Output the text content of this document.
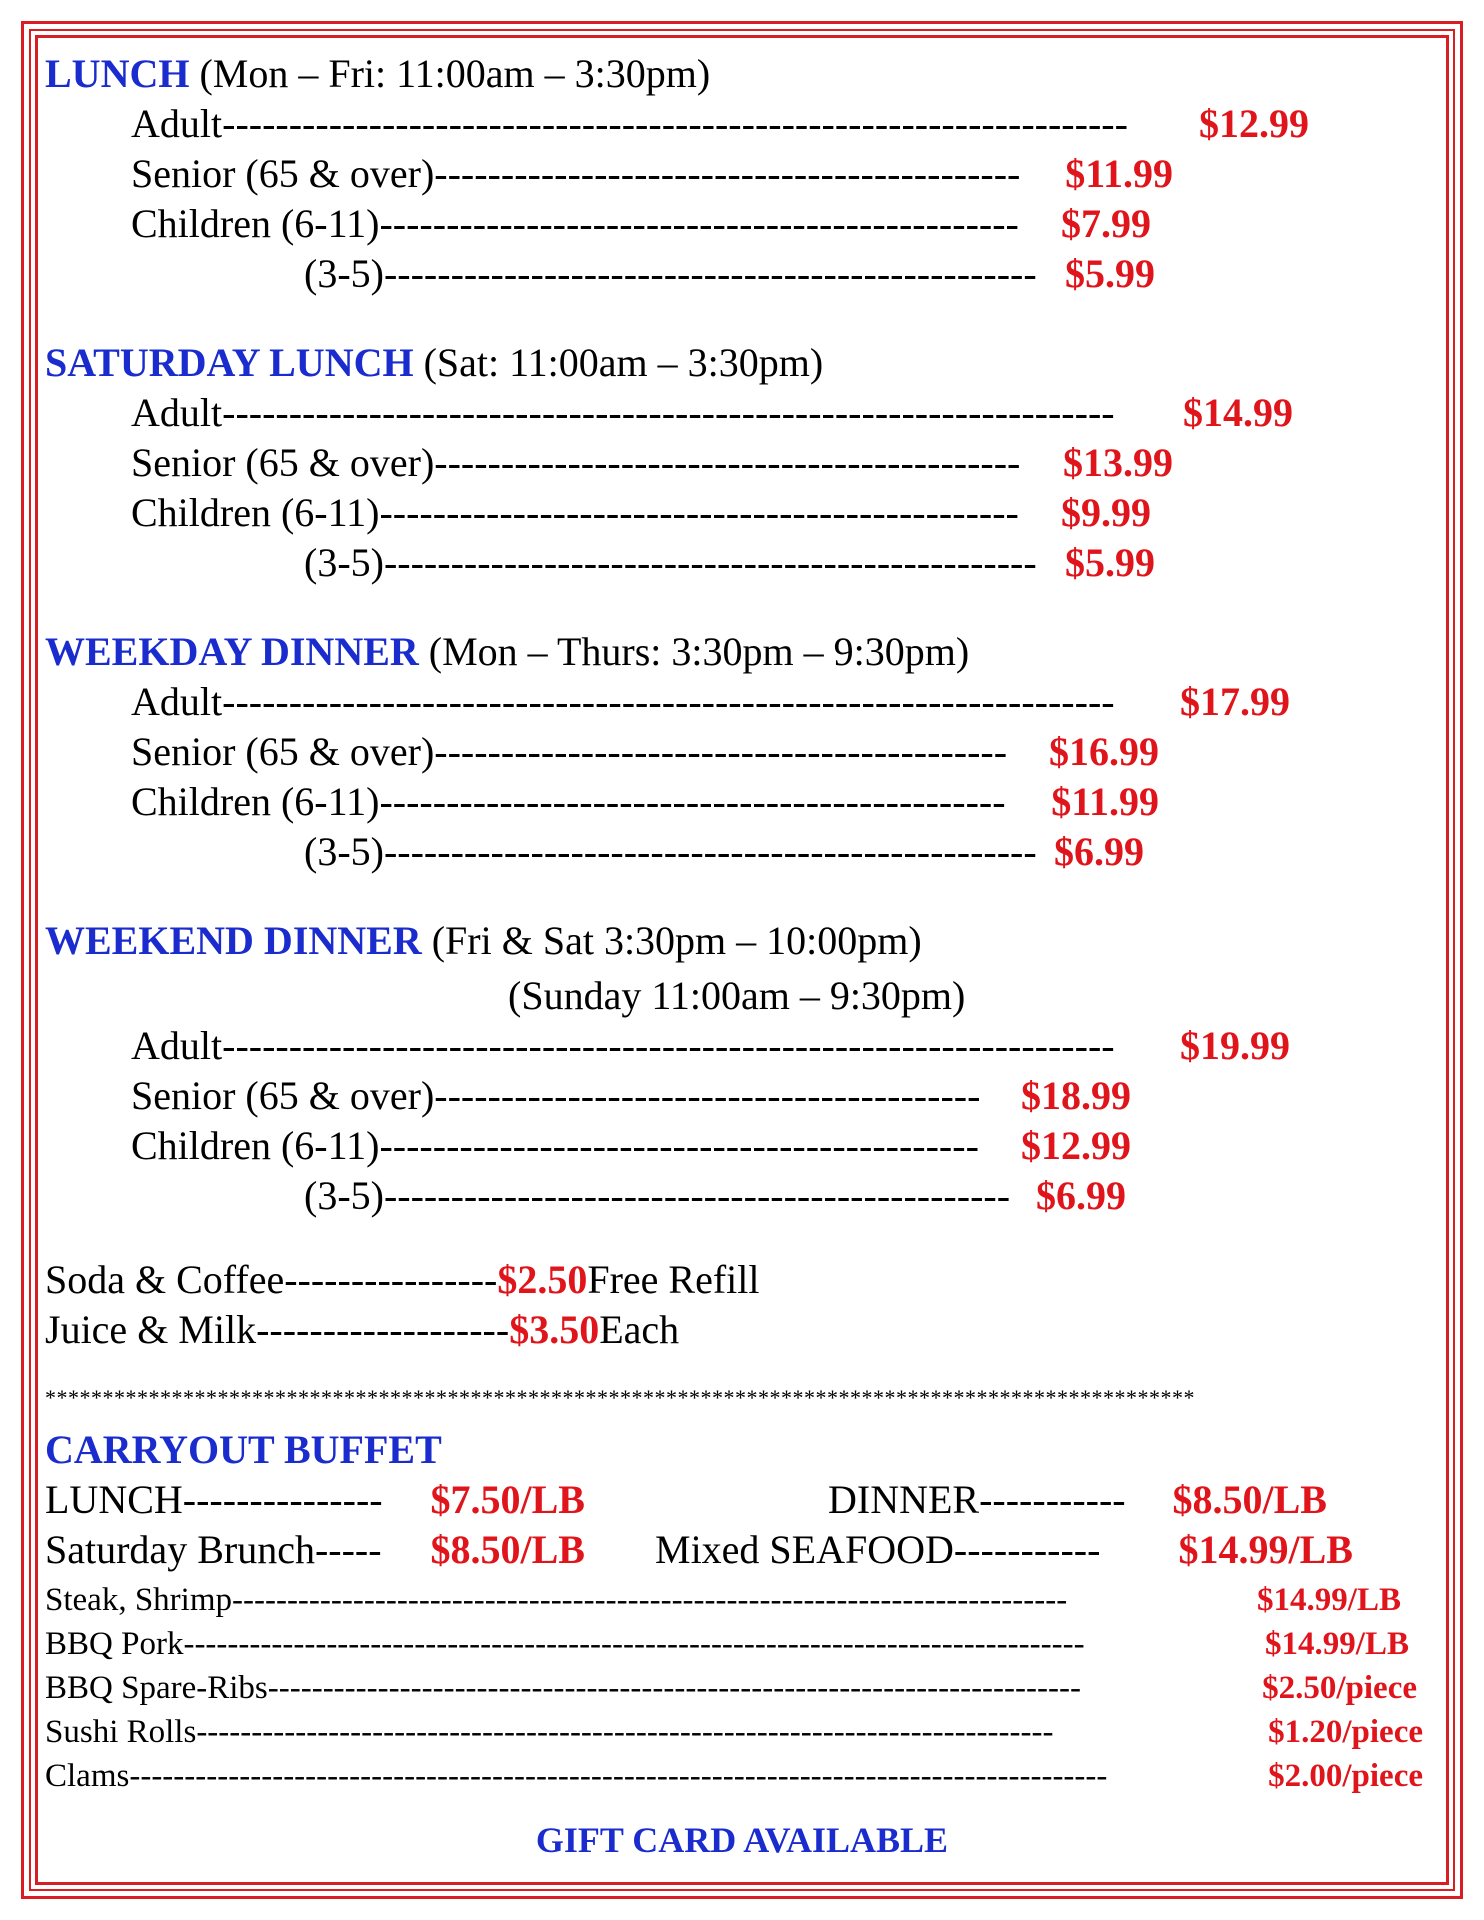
LUNCH (Mon – Fri: 11:00am – 3:30pm)
Adult --------------------------------------------------------------------	$12.99
Senior (65 & over) --------------------------------------------	$11.99
Children (6-11) ------------------------------------------------	$7.99
(3-5) ------------------------------------------------- $5.99
SATURDAY LUNCH (Sat: 11:00am – 3:30pm)
Adult -------------------------------------------------------------------	$14.99
Senior (65 & over) --------------------------------------------	$13.99
Children (6-11) ------------------------------------------------	$9.99
(3-5) ------------------------------------------------- $5.99
WEEKDAY DINNER (Mon – Thurs: 3:30pm – 9:30pm)
Adult -------------------------------------------------------------------	$17.99
Senior (65 & over) -------------------------------------------	$16.99
Children (6-11) -----------------------------------------------	$11.99
(3-5) ------------------------------------------------- $6.99
WEEKEND DINNER (Fri & Sat 3:30pm – 10:00pm)
(Sunday 11:00am – 9:30pm)
Adult -------------------------------------------------------------------	$19.99
Senior (65 & over) -----------------------------------------	$18.99
Children (6-11) ---------------------------------------------	$12.99
(3-5) ----------------------------------------------- $6.99
Soda & Coffee ---------------- $2.50 Free Refill
Juice & Milk ------------------- $3.50 Each
****************************************************************************************************
CARRYOUT BUFFET
LUNCH ---------------	$7.50/LB
Saturday Brunch -----	$8.50/LB
DINNER -----------	$8.50/LB
Mixed SEAFOOD -----------	$14.99/LB
Steak, Shrimp ----------------------------------------------------------------------------	$14.99/LB
BBQ Pork ----------------------------------------------------------------------------------	$14.99/LB
BBQ Spare-Ribs --------------------------------------------------------------------------	$2.50/piece
Sushi Rolls ------------------------------------------------------------------------------	$1.20/piece
Clams -----------------------------------------------------------------------------------------	$2.00/piece
GIFT CARD AVAILABLE
